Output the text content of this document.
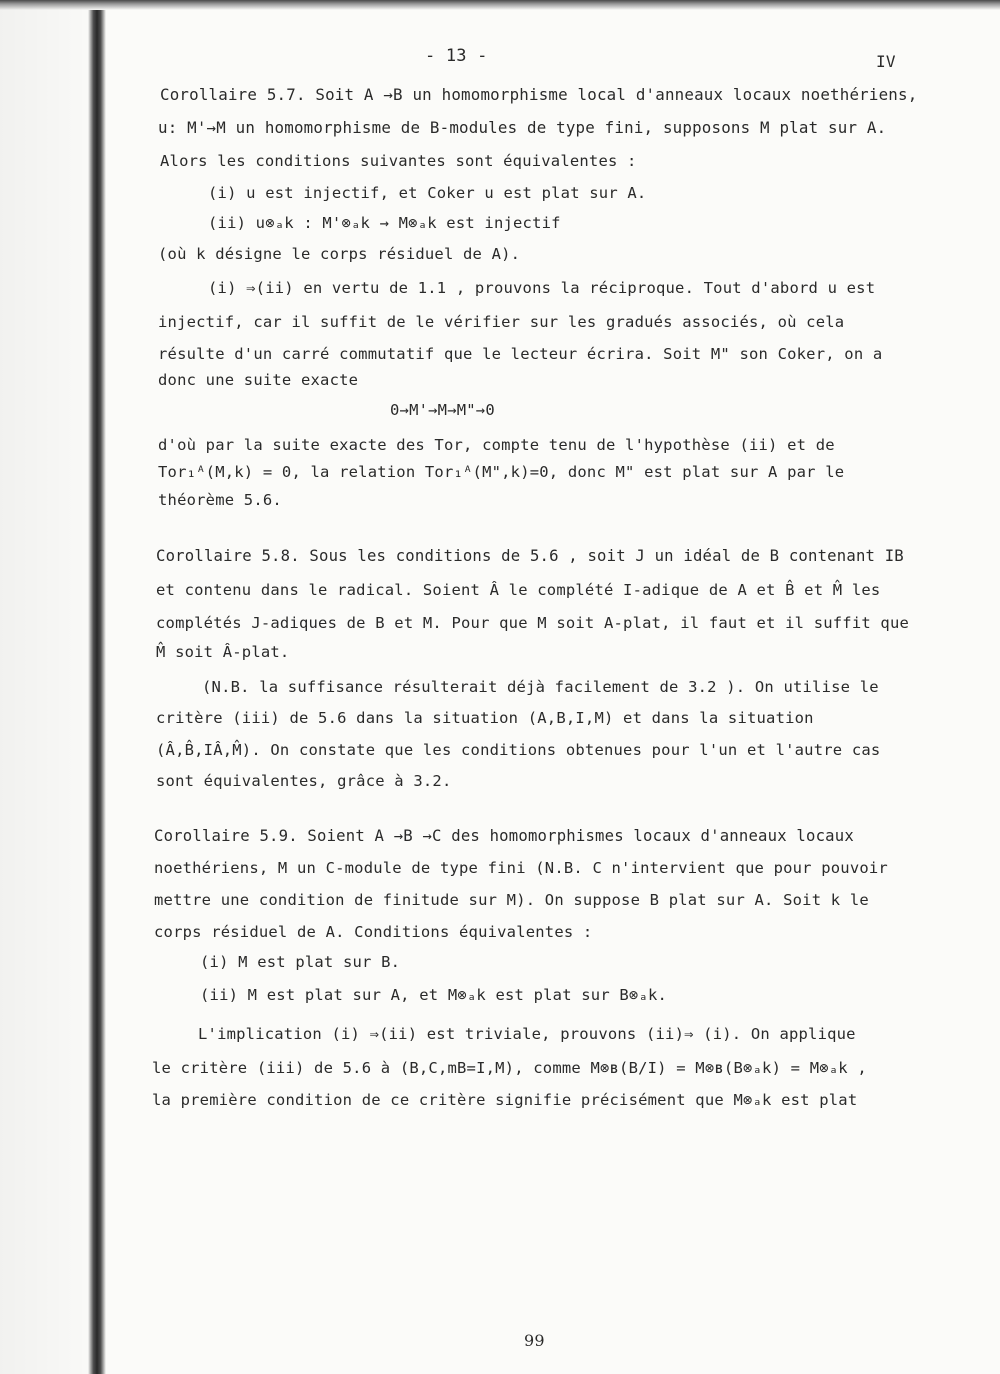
- 13 -	IV
Corollaire 5.7. Soit A →B un homomorphisme local d'anneaux locaux noethériens,
u: M'→M un homomorphisme de B-modules de type fini, supposons M plat sur A.
Alors les conditions suivantes sont équivalentes :
(i) u est injectif, et Coker u est plat sur A.
(ii) u⊗ₐk : M'⊗ₐk → M⊗ₐk est injectif
(où k désigne le corps résiduel de A).
(i) ⇒(ii) en vertu de 1.1 , prouvons la réciproque. Tout d'abord u est
injectif, car il suffit de le vérifier sur les gradués associés, où cela
résulte d'un carré commutatif que le lecteur écrira. Soit M" son Coker, on a
donc une suite exacte
0→M'→M→M"→0
d'où par la suite exacte des Tor, compte tenu de l'hypothèse (ii) et de
Tor₁ᴬ(M,k) = 0, la relation Tor₁ᴬ(M",k)=0, donc M" est plat sur A par le
théorème 5.6.
Corollaire 5.8. Sous les conditions de 5.6 , soit J un idéal de B contenant IB
et contenu dans le radical. Soient Â le complété I-adique de A et B̂ et M̂ les
complétés J-adiques de B et M. Pour que M soit A-plat, il faut et il suffit que
M̂ soit Â-plat.
(N.B. la suffisance résulterait déjà facilement de 3.2 ). On utilise le
critère (iii) de 5.6 dans la situation (A,B,I,M) et dans la situation
(Â,B̂,IÂ,M̂). On constate que les conditions obtenues pour l'un et l'autre cas
sont équivalentes, grâce à 3.2.
Corollaire 5.9. Soient A →B →C des homomorphismes locaux d'anneaux locaux
noethériens, M un C-module de type fini (N.B. C n'intervient que pour pouvoir
mettre une condition de finitude sur M). On suppose B plat sur A. Soit k le
corps résiduel de A. Conditions équivalentes :
(i) M est plat sur B.
(ii) M est plat sur A, et M⊗ₐk est plat sur B⊗ₐk.
L'implication (i) ⇒(ii) est triviale, prouvons (ii)⇒ (i). On applique
le critère (iii) de 5.6 à (B,C,mB=I,M), comme M⊗ʙ(B/I) = M⊗ʙ(B⊗ₐk) = M⊗ₐk ,
la première condition de ce critère signifie précisément que M⊗ₐk est plat
99
